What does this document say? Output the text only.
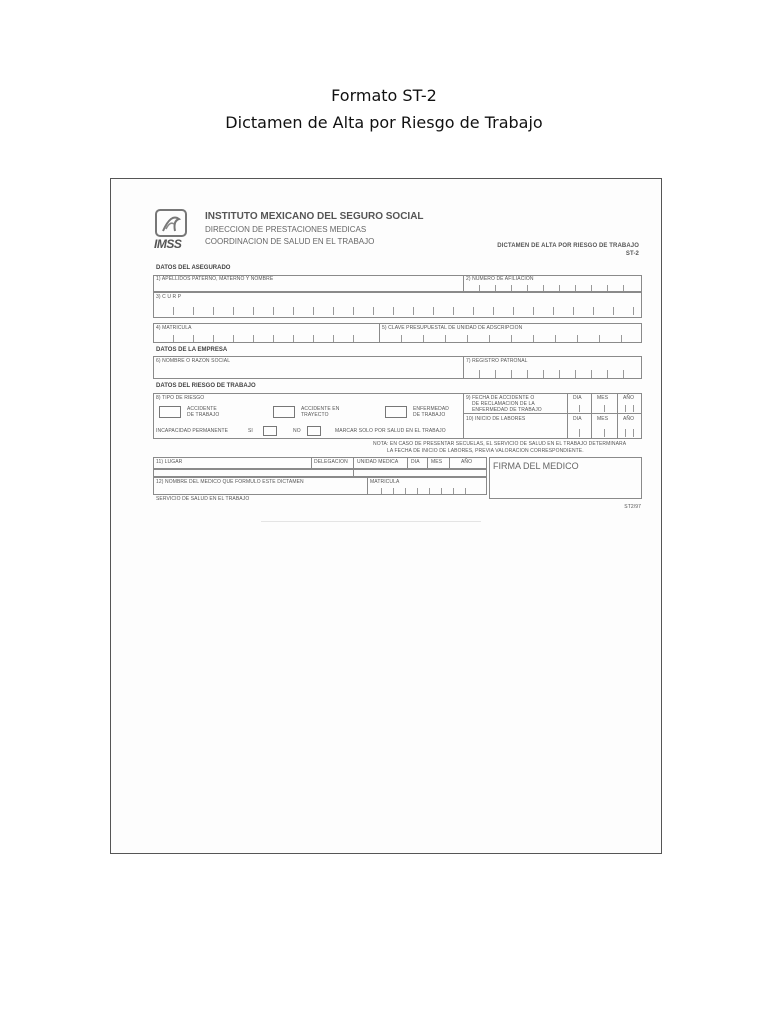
Formato ST-2
Dictamen de Alta por Riesgo de Trabajo
IMSS
INSTITUTO MEXICANO DEL SEGURO SOCIAL
DIRECCION DE PRESTACIONES MEDICAS
COORDINACION DE SALUD EN EL TRABAJO	DICTAMEN DE ALTA POR RIESGO DE TRABAJO
ST-2
DATOS DEL ASEGURADO
1) APELLIDOS PATERNO, MATERNO Y NOMBRE	2) NUMERO DE AFILIACION
3) C U R P
4) MATRICULA	5) CLAVE PRESUPUESTAL DE UNIDAD DE ADSCRIPCION
DATOS DE LA EMPRESA
6) NOMBRE O RAZON SOCIAL	7) REGISTRO PATRONAL
DATOS DEL RIESGO DE TRABAJO
8) TIPO DE RIESGO
ACCIDENTE
DE TRABAJO
ACCIDENTE EN
TRAYECTO
ENFERMEDAD
DE TRABAJO
INCAPACIDAD PERMANENTE	SI	NO	MARCAR SOLO POR SALUD EN EL TRABAJO
9) FECHA DE ACCIDENTE O
DE RECLAMACION DE LA
ENFERMEDAD DE TRABAJO
DIA	MES	AÑO
10) INICIO DE LABORES	DIA	MES	AÑO
NOTA: EN CASO DE PRESENTAR SECUELAS, EL SERVICIO DE SALUD EN EL TRABAJO DETERMINARA
LA FECHA DE INICIO DE LABORES, PREVIA VALORACION CORRESPONDIENTE.
11) LUGAR	DELEGACION UNIDAD MEDICA	DIA MES	AÑO
12) NOMBRE DEL MEDICO QUE FORMULO ESTE DICTAMEN	MATRICULA
FIRMA DEL MEDICO
SERVICIO DE SALUD EN EL TRABAJO
ST2/97
